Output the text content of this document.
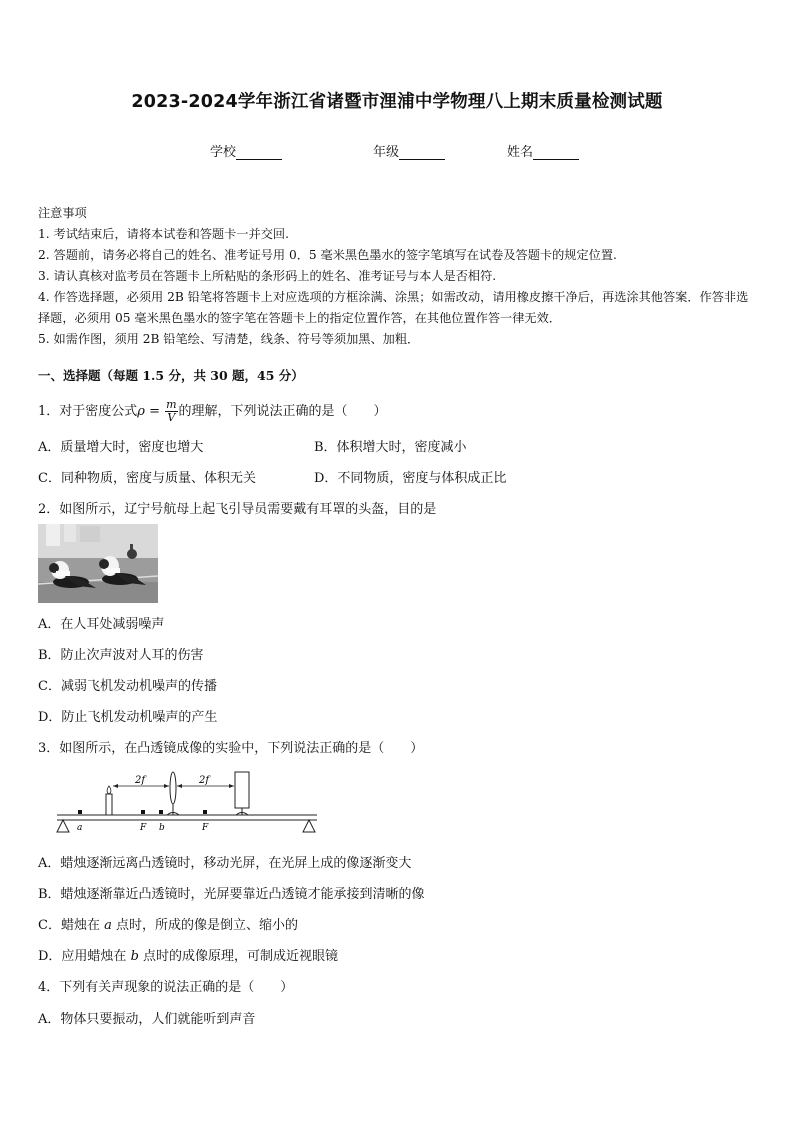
2023-2024学年浙江省诸暨市浬浦中学物理八上期末质量检测试题
学校	年级	姓名
注意事项
1. 考试结束后，请将本试卷和答题卡一并交回.
2. 答题前，请务必将自己的姓名、准考证号用 0．5 毫米黑色墨水的签字笔填写在试卷及答题卡的规定位置.
3. 请认真核对监考员在答题卡上所粘贴的条形码上的姓名、准考证号与本人是否相符.
4. 作答选择题，必须用 2B 铅笔将答题卡上对应选项的方框涂满、涂黑；如需改动，请用橡皮擦干净后，再选涂其他答案．作答非选择题，必须用 05 毫米黑色墨水的签字笔在答题卡上的指定位置作答，在其他位置作答一律无效．
5. 如需作图，须用 2B 铅笔绘、写清楚，线条、符号等须加黑、加粗．
一、选择题（每题 1.5 分，共 30 题，45 分）
1．对于密度公式$\rho = \frac{m}{V}$ 的理解，下列说法正确的是（　　）
A．质量增大时，密度也增大	B．体积增大时，密度减小
C．同种物质，密度与质量、体积无关	D．不同物质，密度与体积成正比
2．如图所示，辽宁号航母上起飞引导员需要戴有耳罩的头盔，目的是
A．在人耳处减弱噪声
B．防止次声波对人耳的伤害
C．减弱飞机发动机噪声的传播
D．防止飞机发动机噪声的产生
3．如图所示，在凸透镜成像的实验中，下列说法正确的是（　　）
2f	2f
a	F b	F
A．蜡烛逐渐远离凸透镜时，移动光屏，在光屏上成的像逐渐变大
B．蜡烛逐渐靠近凸透镜时，光屏要靠近凸透镜才能承接到清晰的像
C．蜡烛在 a 点时，所成的像是倒立、缩小的
D．应用蜡烛在 b 点时的成像原理，可制成近视眼镜
4．下列有关声现象的说法正确的是（　　）
A．物体只要振动，人们就能听到声音
